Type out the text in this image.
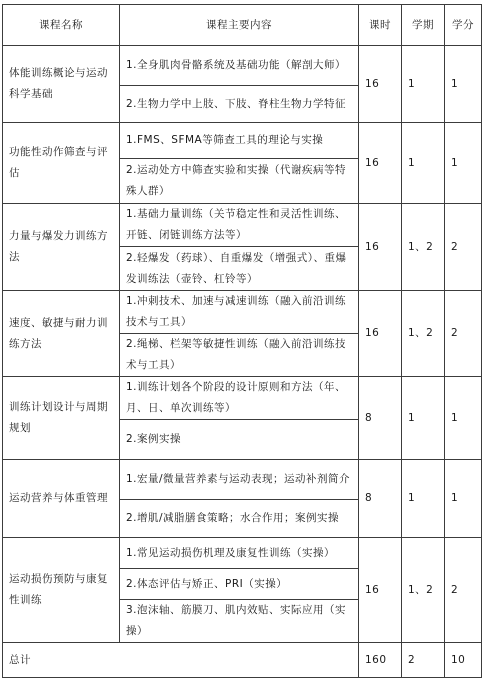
课程名称	课程主要内容	课时	学期	学分
体能训练概论与运动科学基础	1.全身肌肉骨骼系统及基础功能（解剖大师）	16	1	1
	2.生物力学中上肢、下肢、脊柱生物力学特征			
功能性动作筛查与评估	1.FMS、SFMA等筛查工具的理论与实操	16	1	1
	2.运动处方中筛查实验和实操（代谢疾病等特殊人群）			
力量与爆发力训练方法	1.基础力量训练（关节稳定性和灵活性训练、开链、闭链训练方法等）	16	1、2	2
	2.轻爆发（药球）、自重爆发（增强式）、重爆发训练法（壶铃、杠铃等）			
速度、敏捷与耐力训练方法	1.冲刺技术、加速与减速训练（融入前沿训练技术与工具）	16	1、2	2
	2.绳梯、栏架等敏捷性训练（融入前沿训练技术与工具）			
训练计划设计与周期规划	1.训练计划各个阶段的设计原则和方法（年、月、日、单次训练等）	8	1	1
	2.案例实操			
运动营养与体重管理	1.宏量/微量营养素与运动表现；运动补剂简介	8	1	1
	2.增肌/减脂膳食策略；水合作用；案例实操			
运动损伤预防与康复性训练	1.常见运动损伤机理及康复性训练（实操）	16	1、2	2
	2.体态评估与矫正、PRI（实操）			
	3.泡沫轴、筋膜刀、肌内效贴、实际应用（实操）			
总计		160	2	10
